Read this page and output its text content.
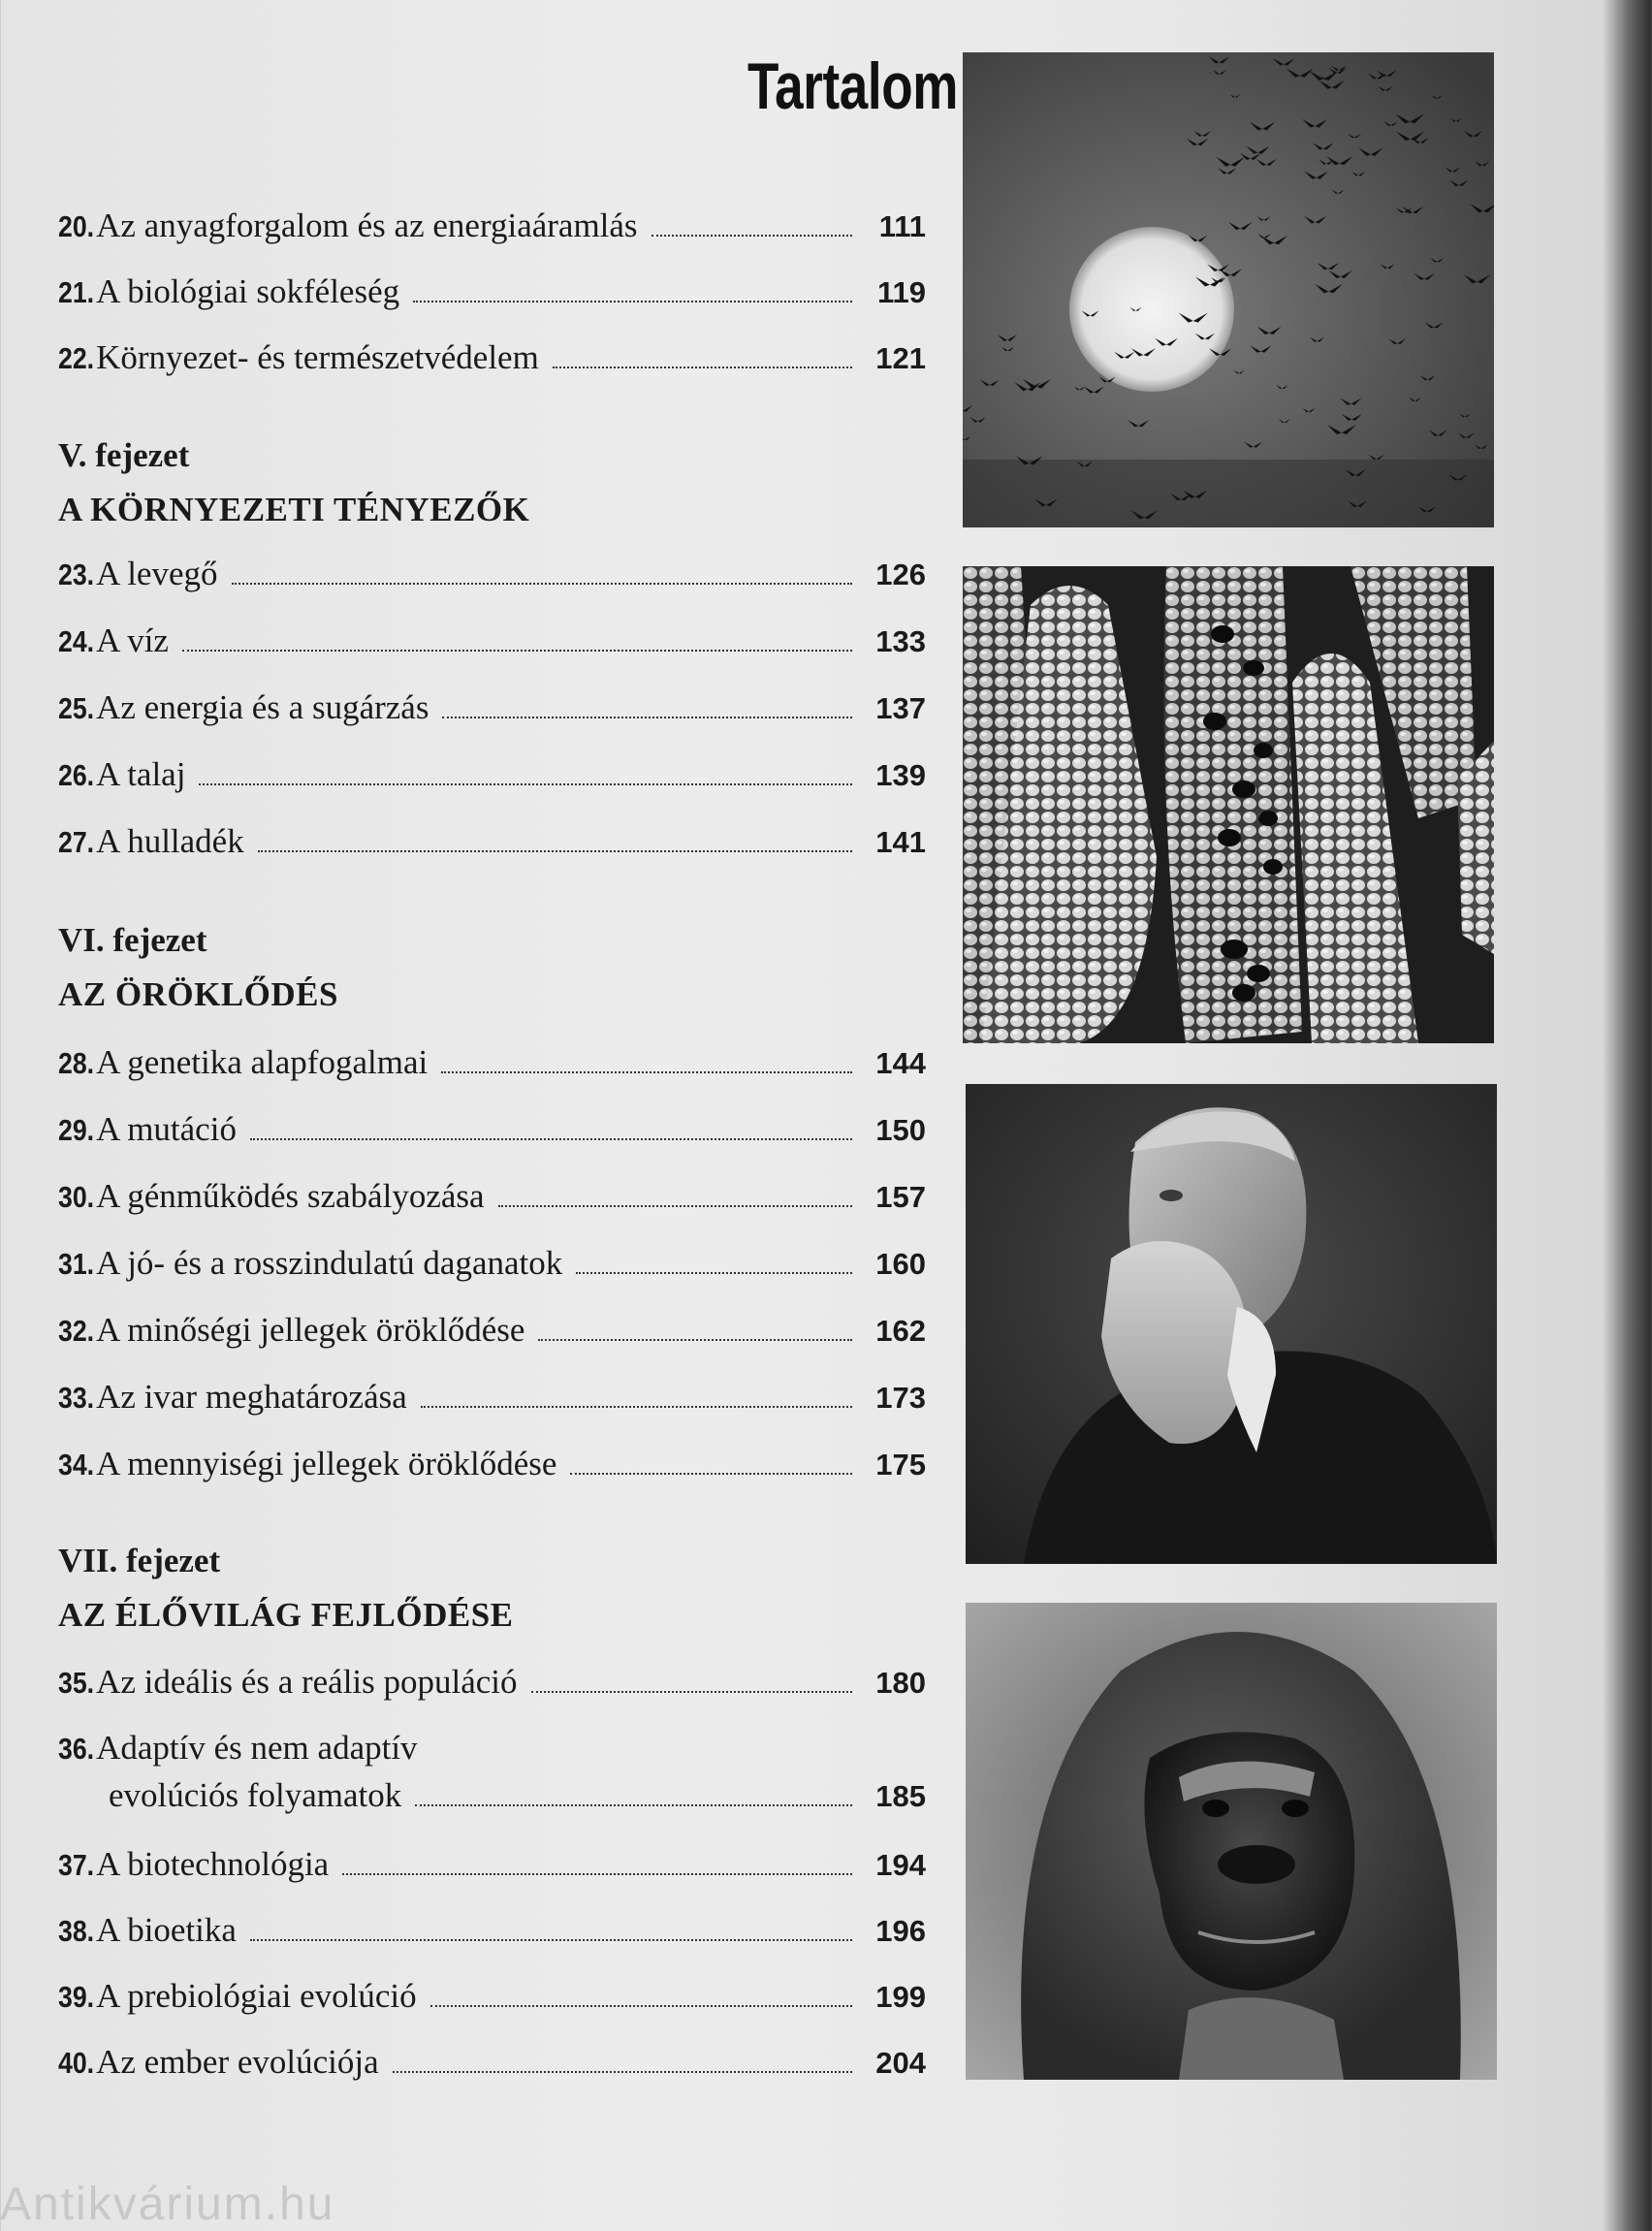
Tartalom
20. Az anyagforgalom és az energiaáramlás	111
21. A biológiai sokféleség	119
22. Környezet- és természetvédelem	121
V. fejezet
A KÖRNYEZETI TÉNYEZŐK
23. A levegő	126
24. A víz	133
25. Az energia és a sugárzás	137
26. A talaj	139
27. A hulladék	141
VI. fejezet
AZ ÖRÖKLŐDÉS
28. A genetika alapfogalmai	144
29. A mutáció	150
30. A génműködés szabályozása	157
31. A jó- és a rosszindulatú daganatok	160
32. A minőségi jellegek öröklődése	162
33. Az ivar meghatározása	173
34. A mennyiségi jellegek öröklődése	175
VII. fejezet
AZ ÉLŐVILÁG FEJLŐDÉSE
35. Az ideális és a reális populáció	180
36. Adaptív és nem adaptív
evolúciós folyamatok	185
37. A biotechnológia	194
38. A bioetika	196
39. A prebiológiai evolúció	199
40. Az ember evolúciója	204
Antikvárium.hu
